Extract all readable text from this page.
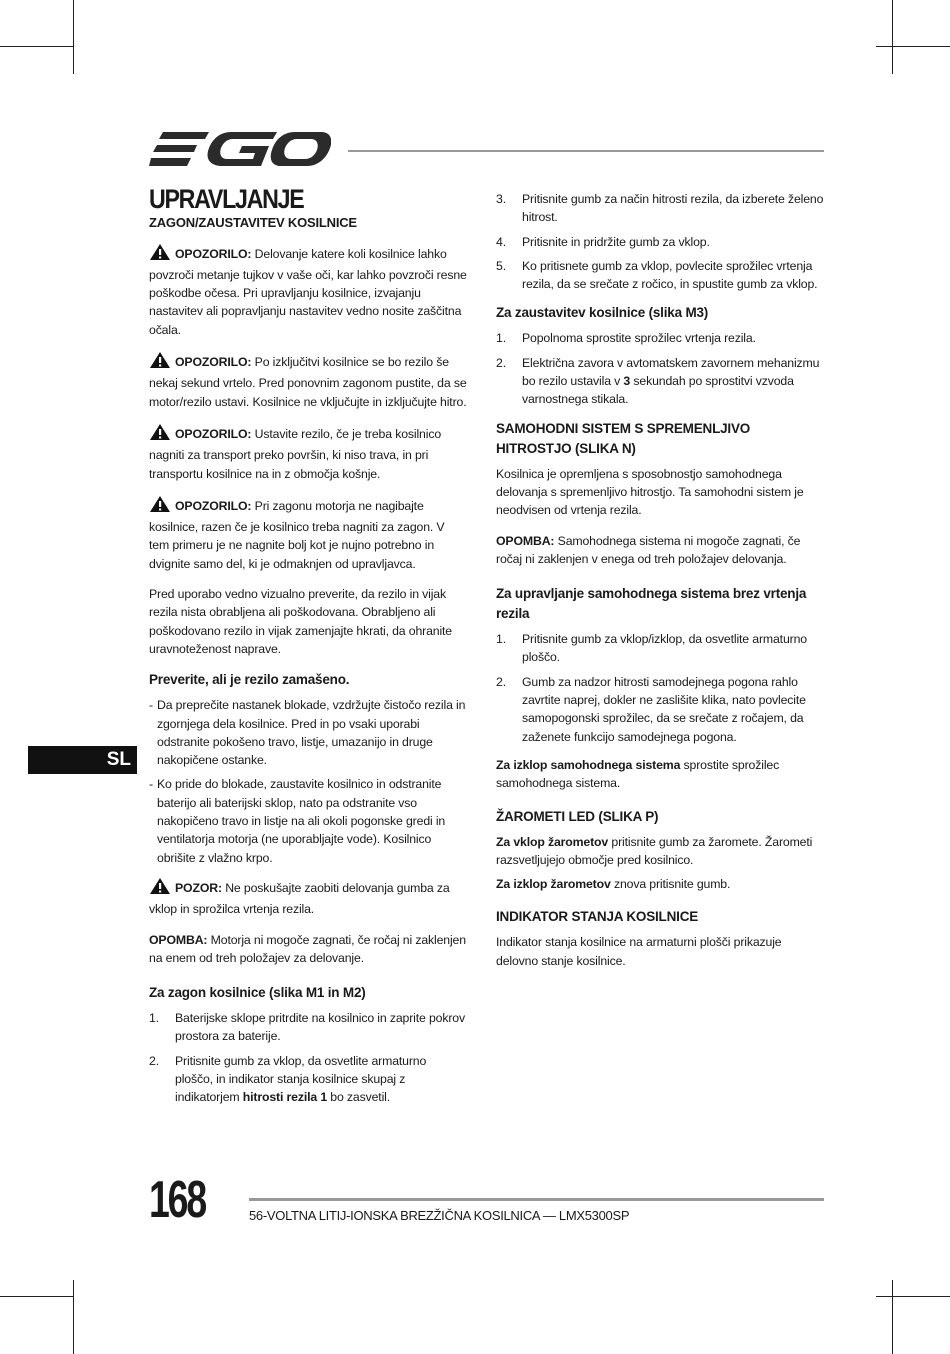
SL
UPRAVLJANJE
ZAGON/ZAUSTAVITEV KOSILNICE

OPOZORILO: Delovanje katere koli kosilnice lahko povzroči metanje tujkov v vaše oči, kar lahko povzroči resne poškodbe očesa. Pri upravljanju kosilnice, izvajanju nastavitev ali popravljanju nastavitev vedno nosite zaščitna očala.

OPOZORILO: Po izključitvi kosilnice se bo rezilo še nekaj sekund vrtelo. Pred ponovnim zagonom pustite, da se motor/rezilo ustavi. Kosilnice ne vključujte in izključujte hitro.

OPOZORILO: Ustavite rezilo, če je treba kosilnico nagniti za transport preko površin, ki niso trava, in pri transportu kosilnice na in z območja košnje.

OPOZORILO: Pri zagonu motorja ne nagibajte kosilnice, razen če je kosilnico treba nagniti za zagon. V tem primeru je ne nagnite bolj kot je nujno potrebno in dvignite samo del, ki je odmaknjen od upravljavca.

Pred uporabo vedno vizualno preverite, da rezilo in vijak rezila nista obrabljena ali poškodovana. Obrabljeno ali poškodovano rezilo in vijak zamenjajte hkrati, da ohranite uravnoteženost naprave.

Preverite, ali je rezilo zamašeno.
- Da preprečite nastanek blokade, vzdržujte čistočo rezila in zgornjega dela kosilnice. Pred in po vsaki uporabi odstranite pokošeno travo, listje, umazanijo in druge nakopičene ostanke.
- Ko pride do blokade, zaustavite kosilnico in odstranite baterijo ali baterijski sklop, nato pa odstranite vso nakopičeno travo in listje na ali okoli pogonske gredi in ventilatorja motorja (ne uporabljajte vode). Kosilnico obrišite z vlažno krpo.

POZOR: Ne poskušajte zaobiti delovanja gumba za vklop in sprožilca vrtenja rezila.

OPOMBA: Motorja ni mogoče zagnati, če ročaj ni zaklenjen na enem od treh položajev za delovanje.

Za zagon kosilnice (slika M1 in M2)
1. Baterijske sklope pritrdite na kosilnico in zaprite pokrov prostora za baterije.
2. Pritisnite gumb za vklop, da osvetlite armaturno ploščo, in indikator stanja kosilnice skupaj z indikatorjem hitrosti rezila 1 bo zasvetil.
3. Pritisnite gumb za način hitrosti rezila, da izberete želeno hitrost.
4. Pritisnite in pridržite gumb za vklop.
5. Ko pritisnete gumb za vklop, povlecite sprožilec vrtenja rezila, da se srečate z ročico, in spustite gumb za vklop.
Za zaustavitev kosilnice (slika M3)
1. Popolnoma sprostite sprožilec vrtenja rezila.
2. Električna zavora v avtomatskem zavornem mehanizmu bo rezilo ustavila v 3 sekundah po sprostitvi vzvoda varnostnega stikala.
SAMOHODNI SISTEM S SPREMENLJIVO HITROSTJO (SLIKA N)

Kosilnica je opremljena s sposobnostjo samohodnega delovanja s spremenljivo hitrostjo. Ta samohodni sistem je neodvisen od vrtenja rezila.

OPOMBA: Samohodnega sistema ni mogoče zagnati, če ročaj ni zaklenjen v enega od treh položajev delovanja.

Za upravljanje samohodnega sistema brez vrtenja rezila
1. Pritisnite gumb za vklop/izklop, da osvetlite armaturno ploščo.
2. Gumb za nadzor hitrosti samodejnega pogona rahlo zavrtite naprej, dokler ne zaslišite klika, nato povlecite samopogonski sprožilec, da se srečate z ročajem, da zaženete funkcijo samodejnega pogona.

Za izklop samohodnega sistema sprostite sprožilec samohodnega sistema.

ŽAROMETI LED (SLIKA P)

Za vklop žarometov pritisnite gumb za žaromete. Žarometi razsvetljujejo območje pred kosilnico.

Za izklop žarometov znova pritisnite gumb.

INDIKATOR STANJA KOSILNICE

Indikator stanja kosilnice na armaturni plošči prikazuje delovno stanje kosilnice.

168	56-VOLTNA LITIJ-IONSKA BREZŽIČNA KOSILNICA — LMX5300SP
